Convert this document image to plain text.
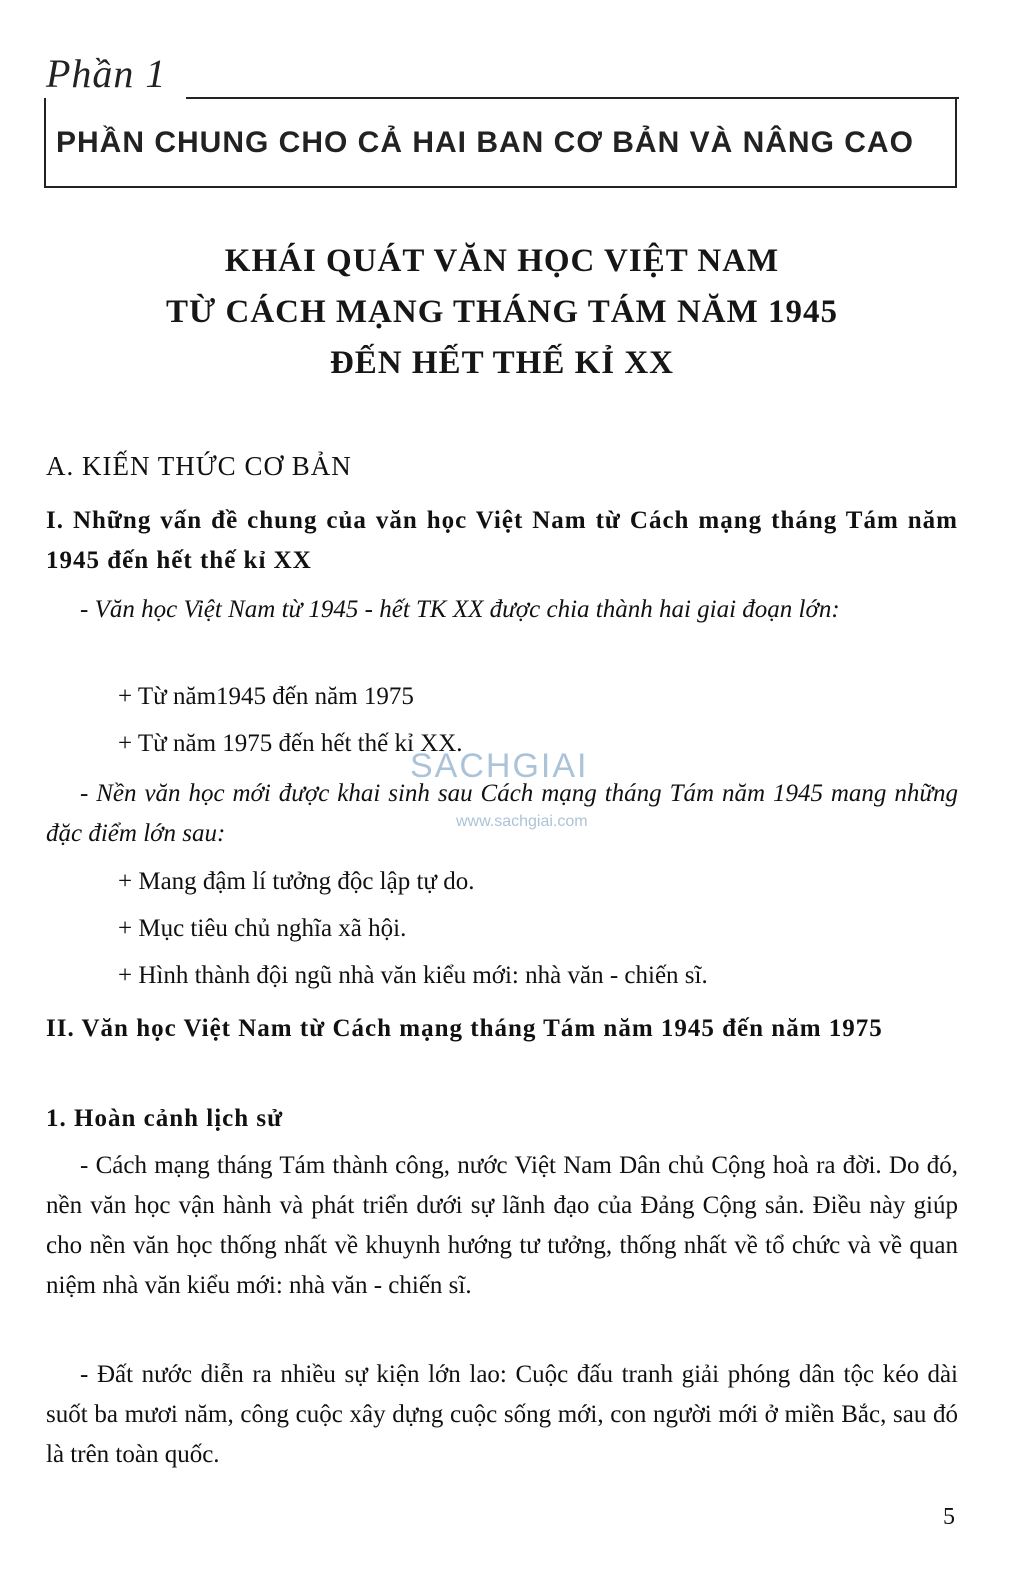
Phần 1
PHẦN CHUNG CHO CẢ HAI BAN CƠ BẢN VÀ NÂNG CAO
KHÁI QUÁT VĂN HỌC VIỆT NAM
TỪ CÁCH MẠNG THÁNG TÁM NĂM 1945
ĐẾN HẾT THẾ KỈ XX
A. KIẾN THỨC CƠ BẢN
I. Những vấn đề chung của văn học Việt Nam từ Cách mạng tháng Tám năm 1945 đến hết thế kỉ XX
- Văn học Việt Nam từ 1945 - hết TK XX được chia thành hai giai đoạn lớn:
+ Từ năm1945 đến năm 1975
+ Từ năm 1975 đến hết thế kỉ XX.
- Nền văn học mới được khai sinh sau Cách mạng tháng Tám năm 1945 mang những đặc điểm lớn sau:
+ Mang đậm lí tưởng độc lập tự do.
+ Mục tiêu chủ nghĩa xã hội.
+ Hình thành đội ngũ nhà văn kiểu mới: nhà văn - chiến sĩ.
II. Văn học Việt Nam từ Cách mạng tháng Tám năm 1945 đến năm 1975
1. Hoàn cảnh lịch sử
- Cách mạng tháng Tám thành công, nước Việt Nam Dân chủ Cộng hoà ra đời. Do đó, nền văn học vận hành và phát triển dưới sự lãnh đạo của Đảng Cộng sản. Điều này giúp cho nền văn học thống nhất về khuynh hướng tư tưởng, thống nhất về tổ chức và về quan niệm nhà văn kiểu mới: nhà văn - chiến sĩ.
- Đất nước diễn ra nhiều sự kiện lớn lao: Cuộc đấu tranh giải phóng dân tộc kéo dài suốt ba mươi năm, công cuộc xây dựng cuộc sống mới, con người mới ở miền Bắc, sau đó là trên toàn quốc.
SACHGIAI
www.sachgiai.com
5
